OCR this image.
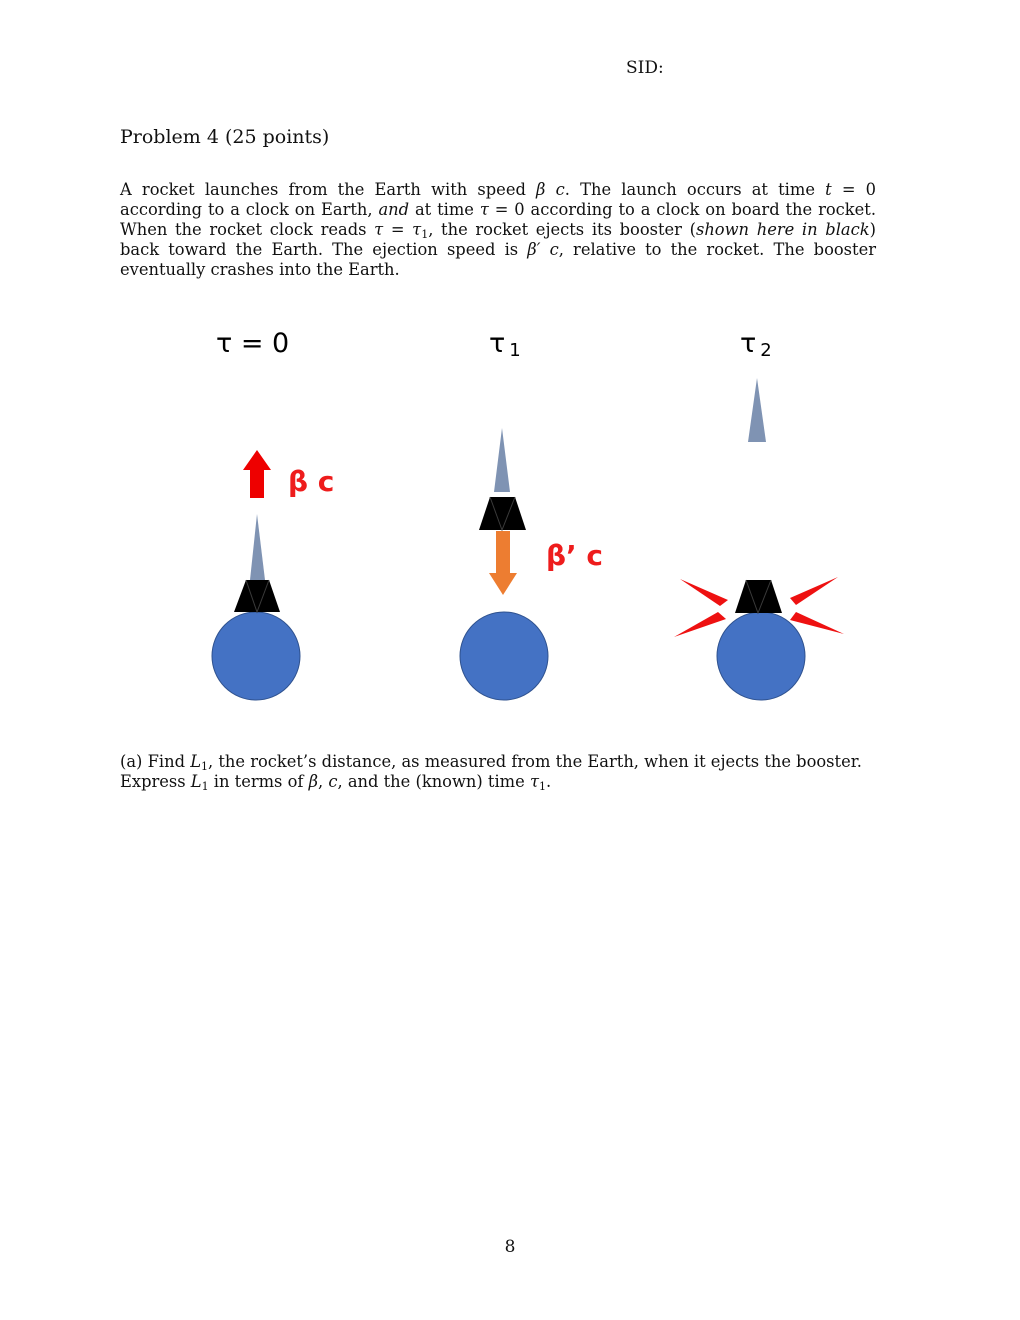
SID:
Problem 4 (25 points)
A rocket launches from the Earth with speed β c. The launch occurs at time t = 0 according to a clock on Earth, and at time τ = 0 according to a clock on board the rocket. When the rocket clock reads $\tau = \tau_1$, the rocket ejects its booster (shown here in black) back toward the Earth. The ejection speed is β′ c, relative to the rocket. The booster eventually crashes into the Earth.
τ = 0
β c
τ 1
β’ c
τ 2
(a) Find $L_1$, the rocket’s distance, as measured from the Earth, when it ejects the booster. Express $L_1$ in terms of β, c, and the (known) time $\tau_1$.
8
